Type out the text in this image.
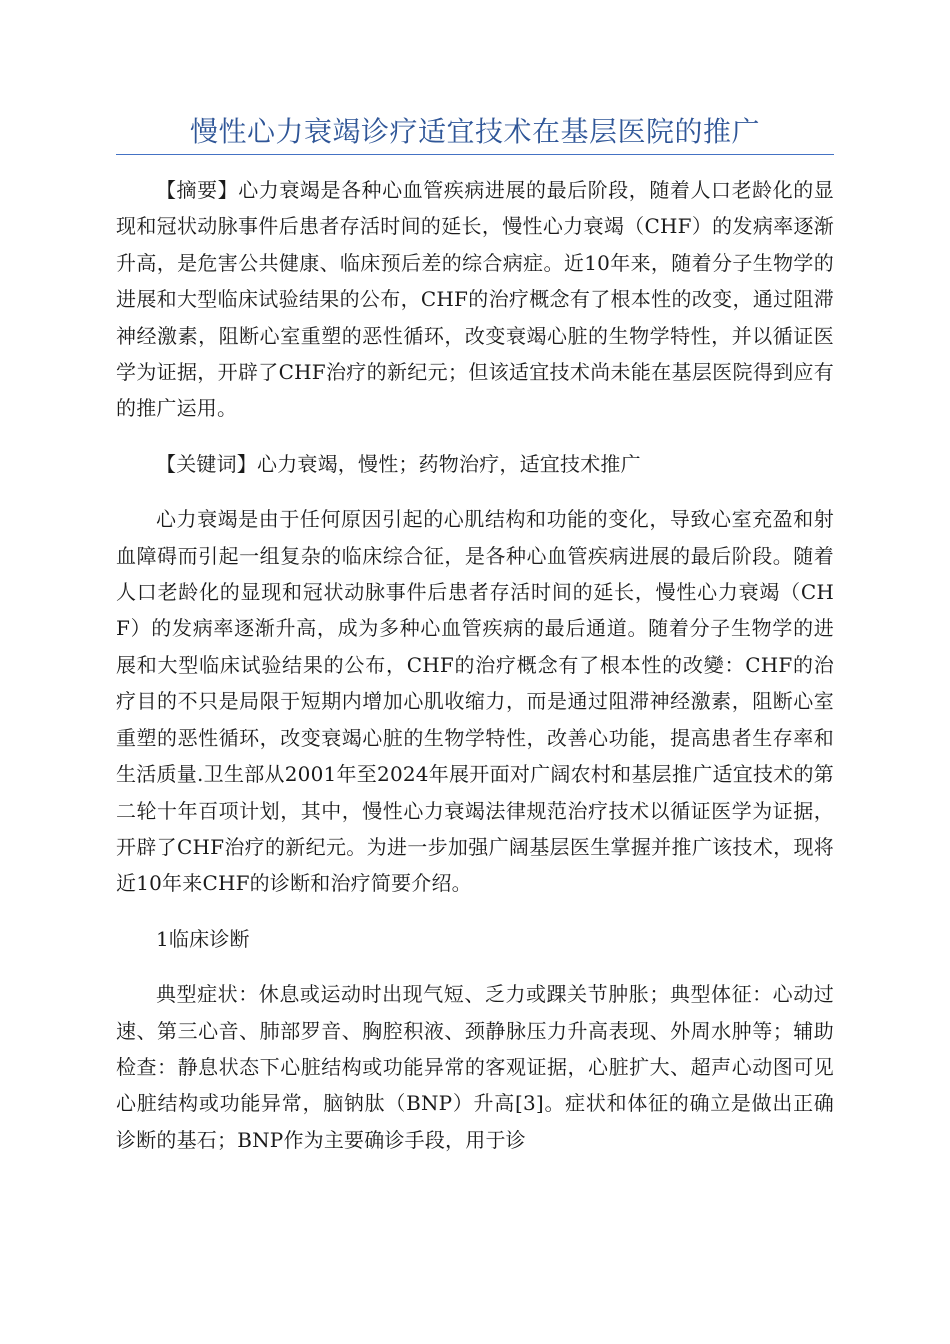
慢性心力衰竭诊疗适宜技术在基层医院的推广

【摘要】心力衰竭是各种心血管疾病进展的最后阶段，随着人口老龄化的显现和冠状动脉事件后患者存活时间的延长，慢性心力衰竭（CHF）的发病率逐渐升高，是危害公共健康、临床预后差的综合病症。近10年来，随着分子生物学的进展和大型临床试验结果的公布，CHF的治疗概念有了根本性的改变，通过阻滞神经激素，阻断心室重塑的恶性循环，改变衰竭心脏的生物学特性，并以循证医学为证据，开辟了CHF治疗的新纪元；但该适宜技术尚未能在基层医院得到应有的推广运用。

【关键词】心力衰竭，慢性；药物治疗，适宜技术推广

心力衰竭是由于任何原因引起的心肌结构和功能的变化，导致心室充盈和射血障碍而引起一组复杂的临床综合征，是各种心血管疾病进展的最后阶段。随着人口老龄化的显现和冠状动脉事件后患者存活时间的延长，慢性心力衰竭（CHF）的发病率逐渐升高，成为多种心血管疾病的最后通道。随着分子生物学的进展和大型临床试验结果的公布，CHF的治疗概念有了根本性的改變：CHF的治疗目的不只是局限于短期内增加心肌收缩力，而是通过阻滞神经激素，阻断心室重塑的恶性循环，改变衰竭心脏的生物学特性，改善心功能，提高患者生存率和生活质量.卫生部从2001年至2024年展开面对广阔农村和基层推广适宜技术的第二轮十年百项计划，其中，慢性心力衰竭法律规范治疗技术以循证医学为证据，开辟了CHF治疗的新纪元。为进一步加强广阔基层医生掌握并推广该技术，现将近10年来CHF的诊断和治疗简要介绍。

1临床诊断

典型症状：休息或运动时出现气短、乏力或踝关节肿胀；典型体征：心动过速、第三心音、肺部罗音、胸腔积液、颈静脉压力升高表现、外周水肿等；辅助检查：静息状态下心脏结构或功能异常的客观证据，心脏扩大、超声心动图可见心脏结构或功能异常，脑钠肽（BNP）升高[3]。症状和体征的确立是做出正确诊断的基石；BNP作为主要确诊手段，用于诊
